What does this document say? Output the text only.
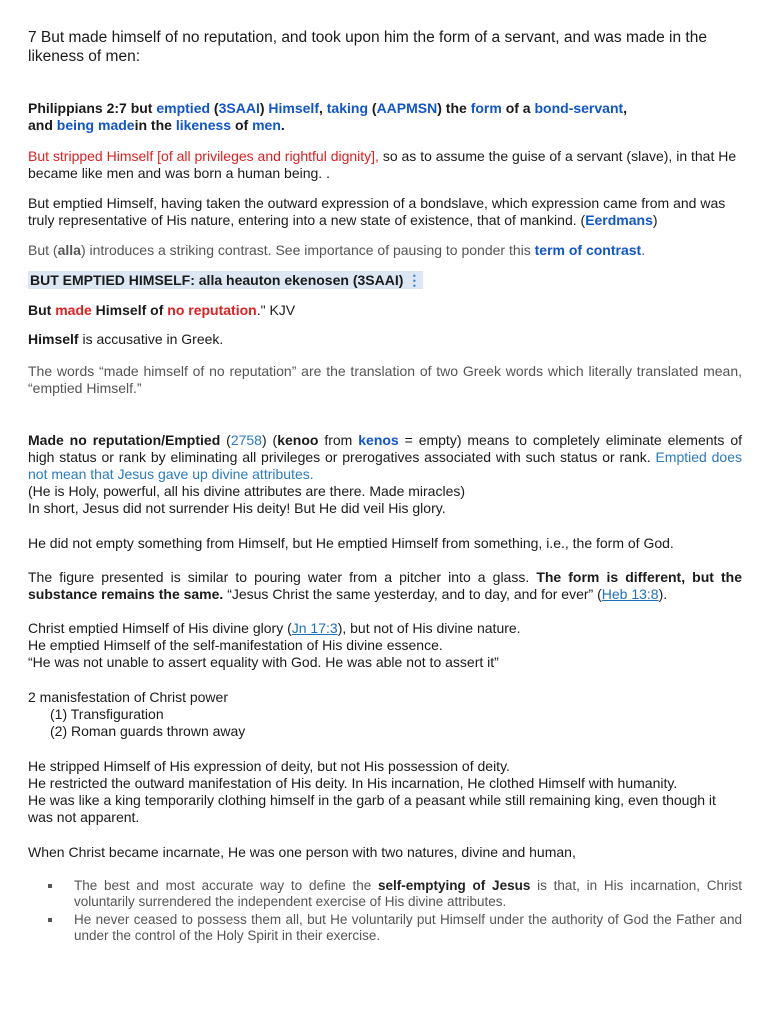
7 But made himself of no reputation, and took upon him the form of a servant, and was made in the likeness of men:

Philippians 2:7 but emptied (3SAAI) Himself, taking (AAPMSN) the form of a bond-servant,
and being madein the likeness of men.

But stripped Himself [of all privileges and rightful dignity], so as to assume the guise of a servant (slave), in that He became like men and was born a human being. .

But emptied Himself, having taken the outward expression of a bondslave, which expression came from and was truly representative of His nature, entering into a new state of existence, that of mankind. (Eerdmans)

But (alla) introduces a striking contrast. See importance of pausing to ponder this term of contrast.

BUT EMPTIED HIMSELF: alla heauton ekenosen (3SAAI) ⋮

But made Himself of no reputation." KJV

Himself is accusative in Greek.

The words “made himself of no reputation” are the translation of two Greek words which literally translated mean, “emptied Himself.”

Made no reputation/Emptied (2758) (kenoo from kenos = empty) means to completely eliminate elements of high status or rank by eliminating all privileges or prerogatives associated with such status or rank. Emptied does not mean that Jesus gave up divine attributes.
(He is Holy, powerful, all his divine attributes are there. Made miracles)
In short, Jesus did not surrender His deity! But He did veil His glory.

He did not empty something from Himself, but He emptied Himself from something, i.e., the form of God.

The figure presented is similar to pouring water from a pitcher into a glass. The form is different, but the substance remains the same. “Jesus Christ the same yesterday, and to day, and for ever” (Heb 13:8).

Christ emptied Himself of His divine glory (Jn 17:3), but not of His divine nature.
He emptied Himself of the self-manifestation of His divine essence.
“He was not unable to assert equality with God. He was able not to assert it”

2 manisfestation of Christ power
(1) Transfiguration
(2) Roman guards thrown away

He stripped Himself of His expression of deity, but not His possession of deity.
He restricted the outward manifestation of His deity. In His incarnation, He clothed Himself with humanity.
He was like a king temporarily clothing himself in the garb of a peasant while still remaining king, even though it was not apparent.

When Christ became incarnate, He was one person with two natures, divine and human,

The best and most accurate way to define the self-emptying of Jesus is that, in His incarnation, Christ voluntarily surrendered the independent exercise of His divine attributes.
He never ceased to possess them all, but He voluntarily put Himself under the authority of God the Father and under the control of the Holy Spirit in their exercise.
